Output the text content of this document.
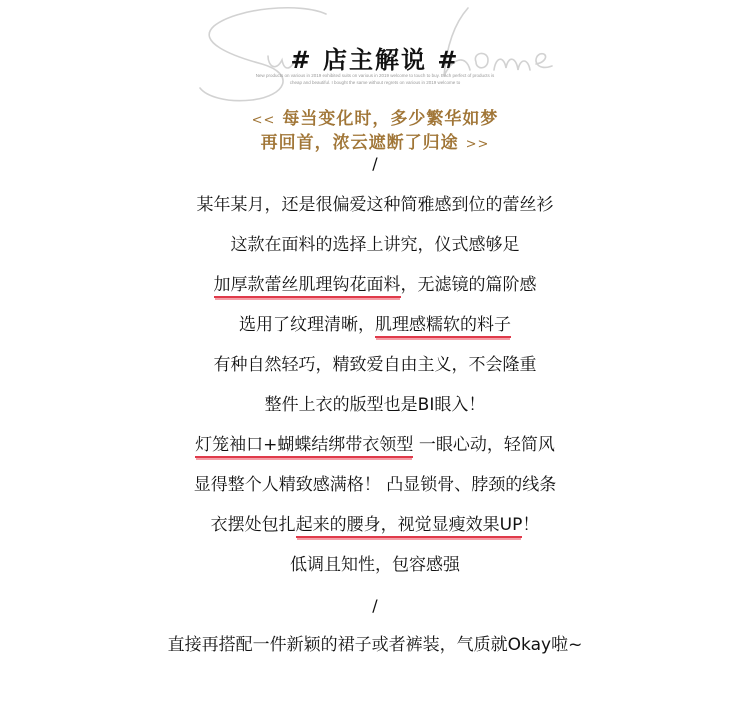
# 店主解说 #
New products on various in 2019 exhibited suits on various in 2019 welcome to touch to buy. Each perfect of products is
cheap and beautiful. I bought the same without regrets on various in 2019 welcome to
<< 每当变化时，多少繁华如梦
再回首，浓云遮断了归途 >>
/
某年某月，还是很偏爱这种简雅感到位的蕾丝衫
这款在面料的选择上讲究，仪式感够足
加厚款蕾丝肌理钩花面料，无滤镜的篇阶感
选用了纹理清晰，肌理感糯软的料子
有种自然轻巧，精致爱自由主义，不会隆重
整件上衣的版型也是BI眼入！
灯笼袖口+蝴蝶结绑带衣领型 一眼心动，轻简风
显得整个人精致感满格！ 凸显锁骨、脖颈的线条
衣摆处包扎起来的腰身，视觉显瘦效果UP！
低调且知性，包容感强
/
直接再搭配一件新颖的裙子或者裤装，气质就Okay啦~
